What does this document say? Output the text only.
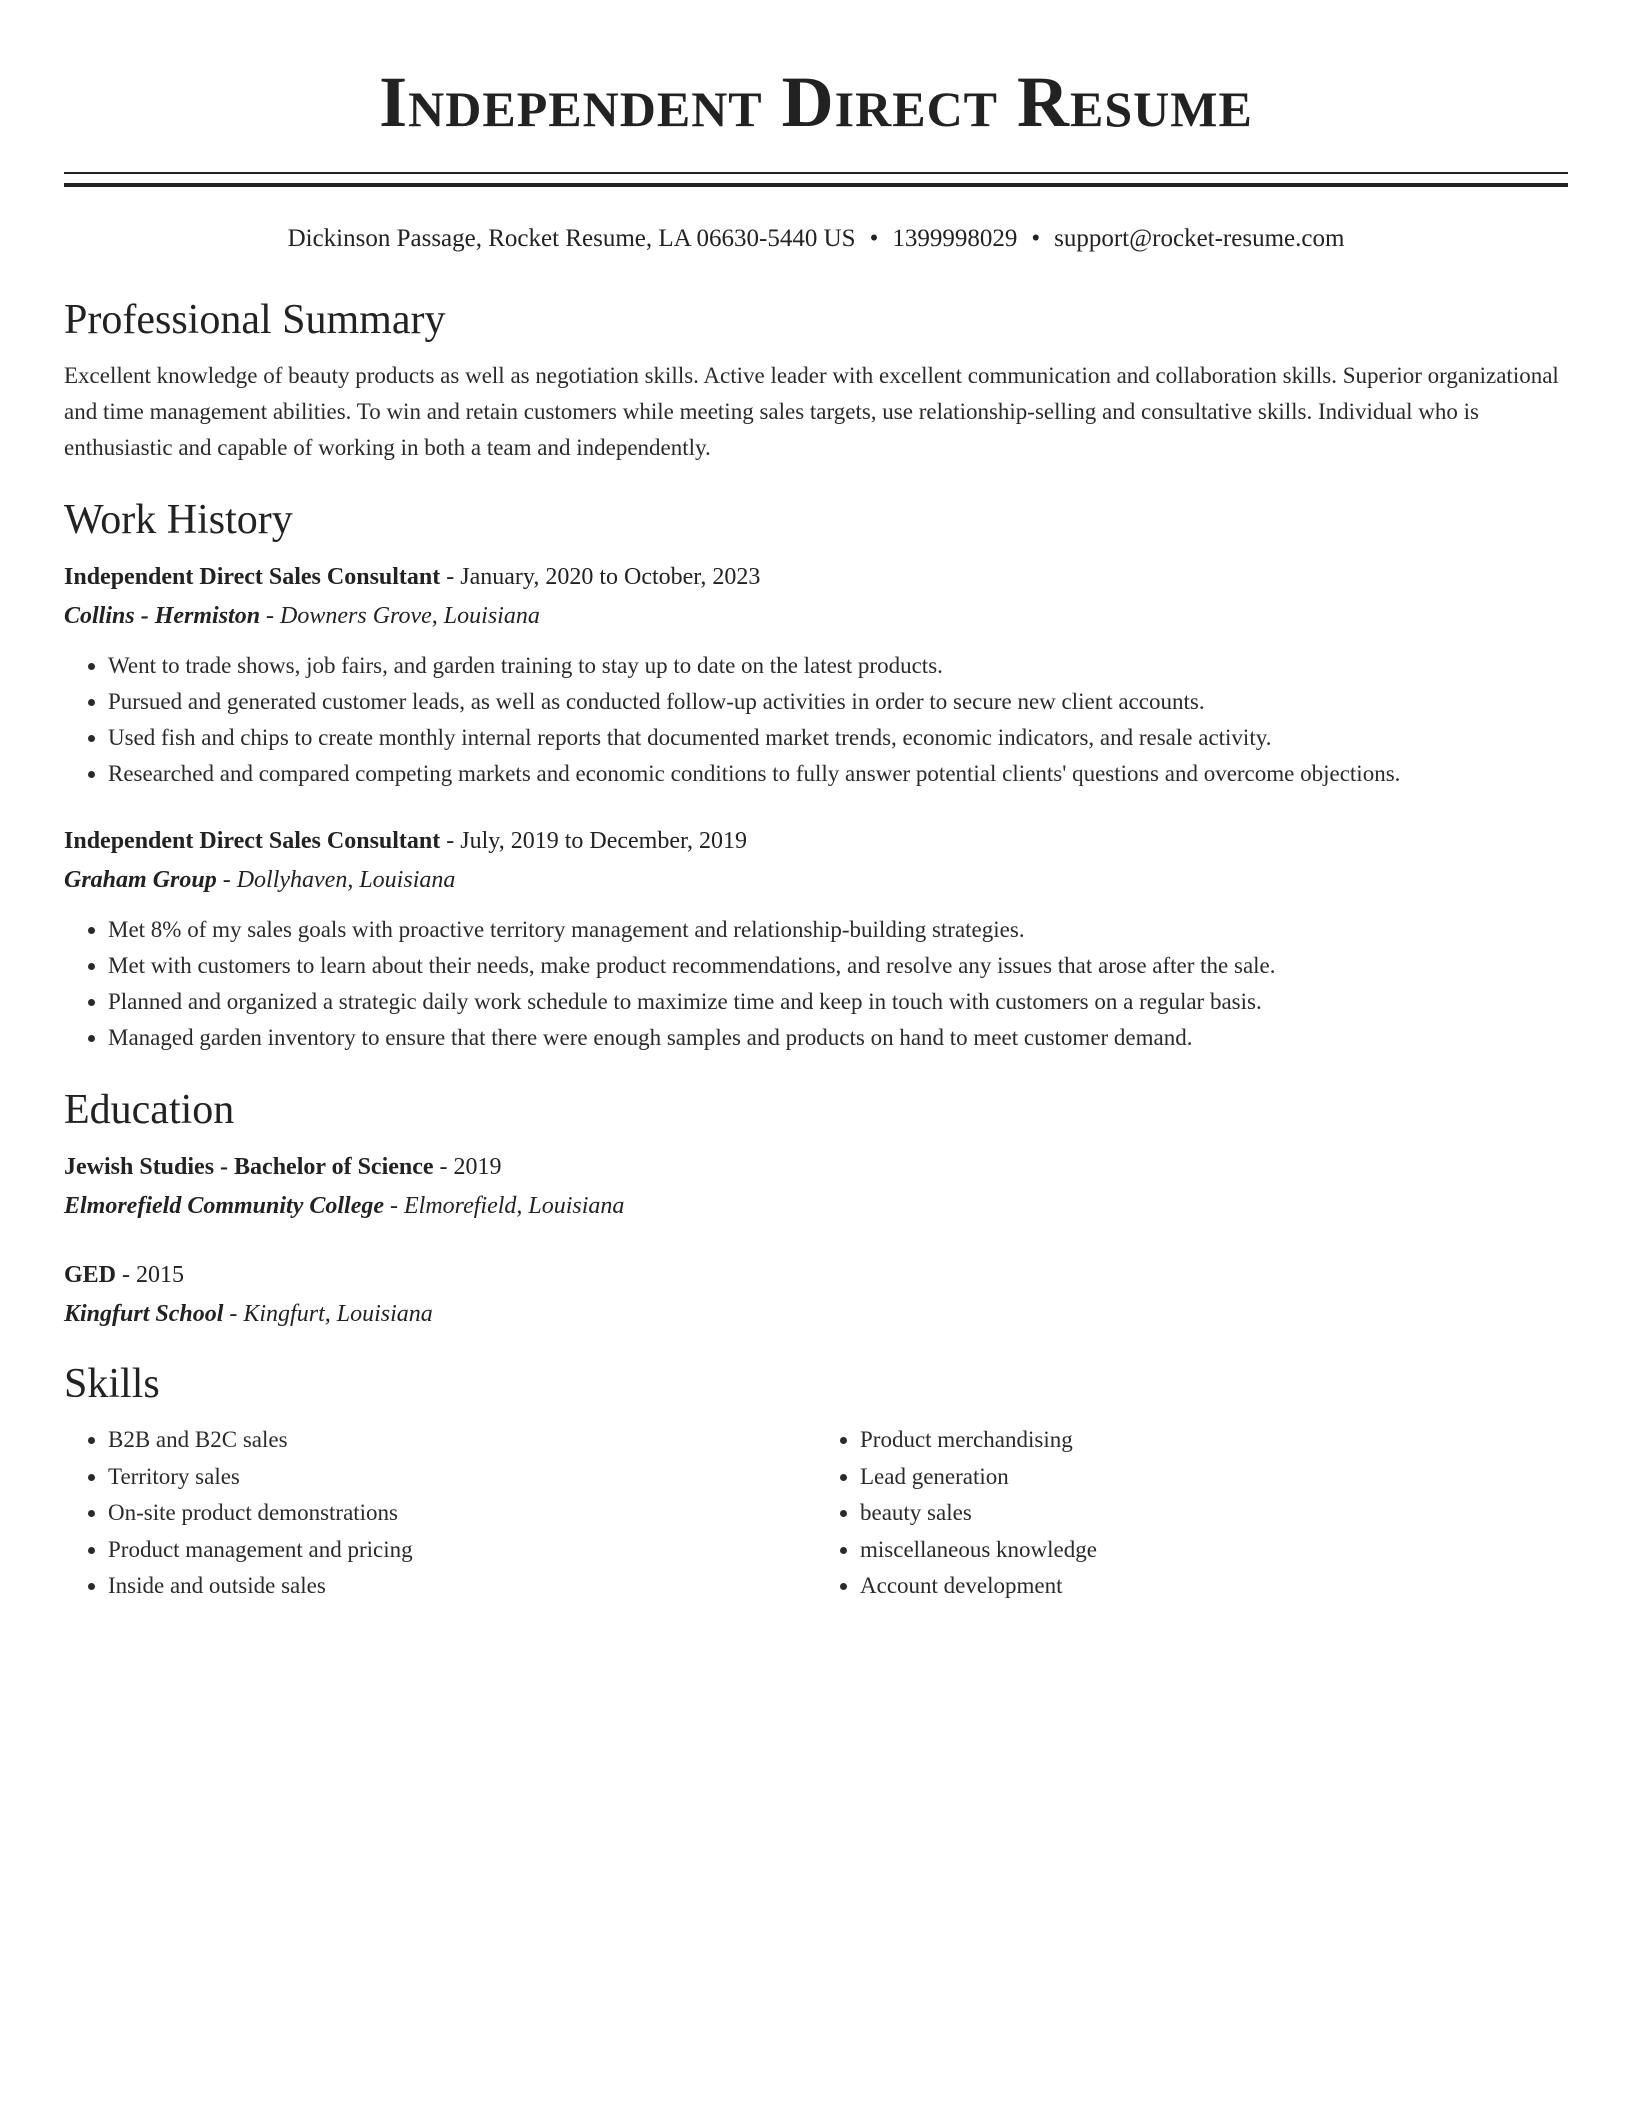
Independent Direct Resume
Dickinson Passage, Rocket Resume, LA 06630-5440 US • 1399998029 • support@rocket-resume.com
Professional Summary

Excellent knowledge of beauty products as well as negotiation skills. Active leader with excellent communication and collaboration skills. Superior organizational and time management abilities. To win and retain customers while meeting sales targets, use relationship-selling and consultative skills. Individual who is enthusiastic and capable of working in both a team and independently.

Work History
Independent Direct Sales Consultant - January, 2020 to October, 2023
Collins - Hermiston - Downers Grove, Louisiana
• Went to trade shows, job fairs, and garden training to stay up to date on the latest products.
• Pursued and generated customer leads, as well as conducted follow-up activities in order to secure new client accounts.
• Used fish and chips to create monthly internal reports that documented market trends, economic indicators, and resale activity.
• Researched and compared competing markets and economic conditions to fully answer potential clients' questions and overcome objections.
Independent Direct Sales Consultant - July, 2019 to December, 2019
Graham Group - Dollyhaven, Louisiana
• Met 8% of my sales goals with proactive territory management and relationship-building strategies.
• Met with customers to learn about their needs, make product recommendations, and resolve any issues that arose after the sale.
• Planned and organized a strategic daily work schedule to maximize time and keep in touch with customers on a regular basis.
• Managed garden inventory to ensure that there were enough samples and products on hand to meet customer demand.
Education
Jewish Studies - Bachelor of Science - 2019
Elmorefield Community College - Elmorefield, Louisiana
GED - 2015
Kingfurt School - Kingfurt, Louisiana
Skills
• B2B and B2C sales
• Territory sales
• On-site product demonstrations
• Product management and pricing
• Inside and outside sales
• Product merchandising
• Lead generation
• beauty sales
• miscellaneous knowledge
• Account development
